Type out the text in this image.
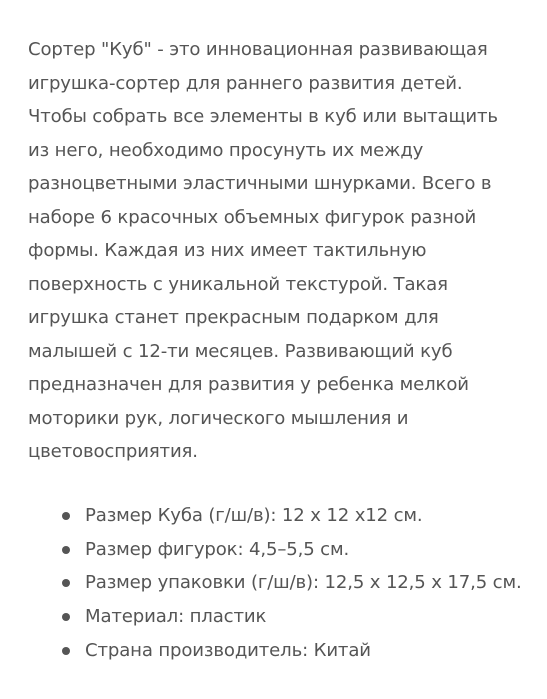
Сортер "Куб" - это инновационная развивающая
игрушка-сортер для раннего развития детей.
Чтобы собрать все элементы в куб или вытащить
из него, необходимо просунуть их между
разноцветными эластичными шнурками. Всего в
наборе 6 красочных объемных фигурок разной
формы. Каждая из них имеет тактильную
поверхность с уникальной текстурой. Такая
игрушка станет прекрасным подарком для
малышей с 12-ти месяцев. Развивающий куб
предназначен для развития у ребенка мелкой
моторики рук, логического мышления и
цветовосприятия.

Размер Куба (г/ш/в): 12 х 12 х12 см.
Размер фигурок: 4,5–5,5 см.
Размер упаковки (г/ш/в): 12,5 х 12,5 х 17,5 см.
Материал: пластик
Страна производитель: Китай
